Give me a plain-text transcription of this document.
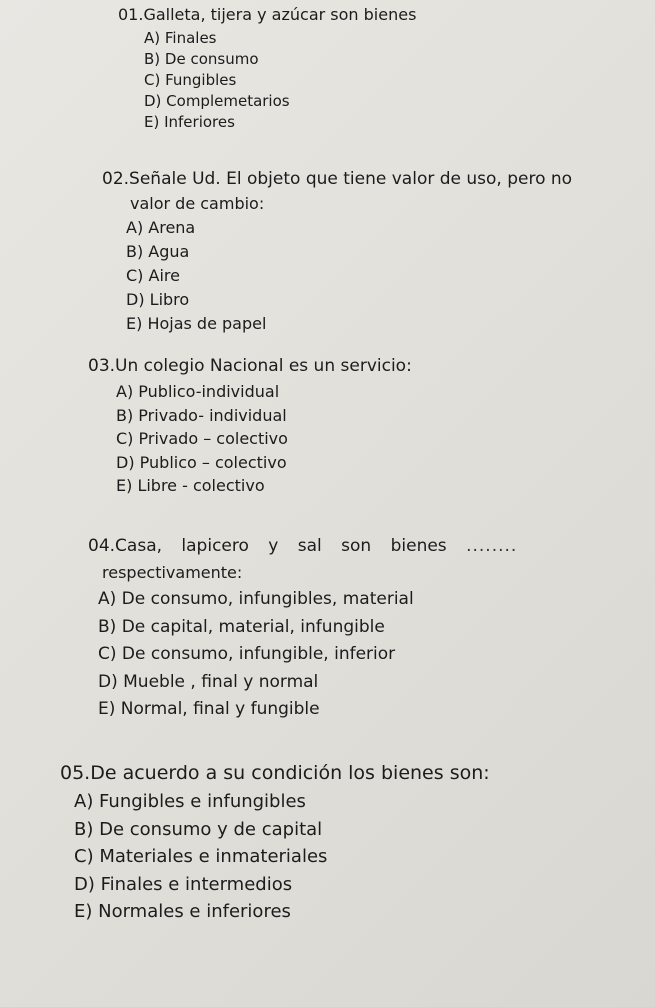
01.Galleta, tijera y azúcar son bienes

A) Finales
B) De consumo
C) Fungibles
D) Complemetarios
E) Inferiores

02.Señale Ud. El objeto que tiene valor de uso, pero no

valor de cambio:

A) Arena
B) Agua
C) Aire
D) Libro
E) Hojas de papel

03.Un colegio Nacional es un servicio:

A) Publico-individual
B) Privado- individual
C) Privado – colectivo
D) Publico – colectivo
E) Libre - colectivo

04.Casa, lapicero y sal son bienes ........

respectivamente:

A) De consumo, infungibles, material
B) De capital, material, infungible
C) De consumo, infungible, inferior
D) Mueble , final y normal
E) Normal, final y fungible

05.De acuerdo a su condición los bienes son:

A) Fungibles e infungibles
B) De consumo y de capital
C) Materiales e inmateriales
D) Finales e intermedios
E) Normales e inferiores
